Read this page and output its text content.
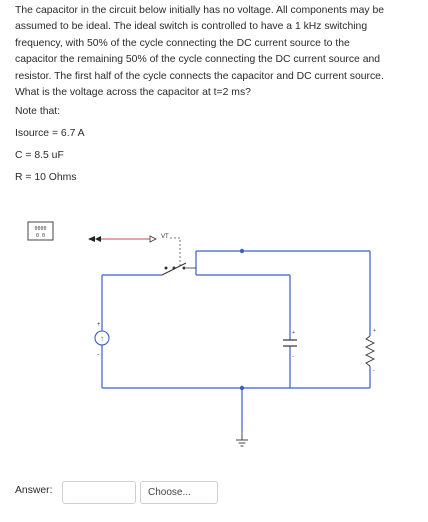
The capacitor in the circuit below initially has no voltage. All components may be

assumed to be ideal. The ideal switch is controlled to have a 1 kHz switching

frequency, with 50% of the cycle connecting the DC current source to the

capacitor the remaining 50% of the cycle connecting the DC current source and

resistor. The first half of the cycle connects the capacitor and DC current source.

What is the voltage across the capacitor at t=2 ms?

Note that:
Isource = 6.7 A
C = 8.5 uF
R = 10 Ohms
0000
0 0	VT
↑
+
-
+
-
+
-
Answer:	Choose...
